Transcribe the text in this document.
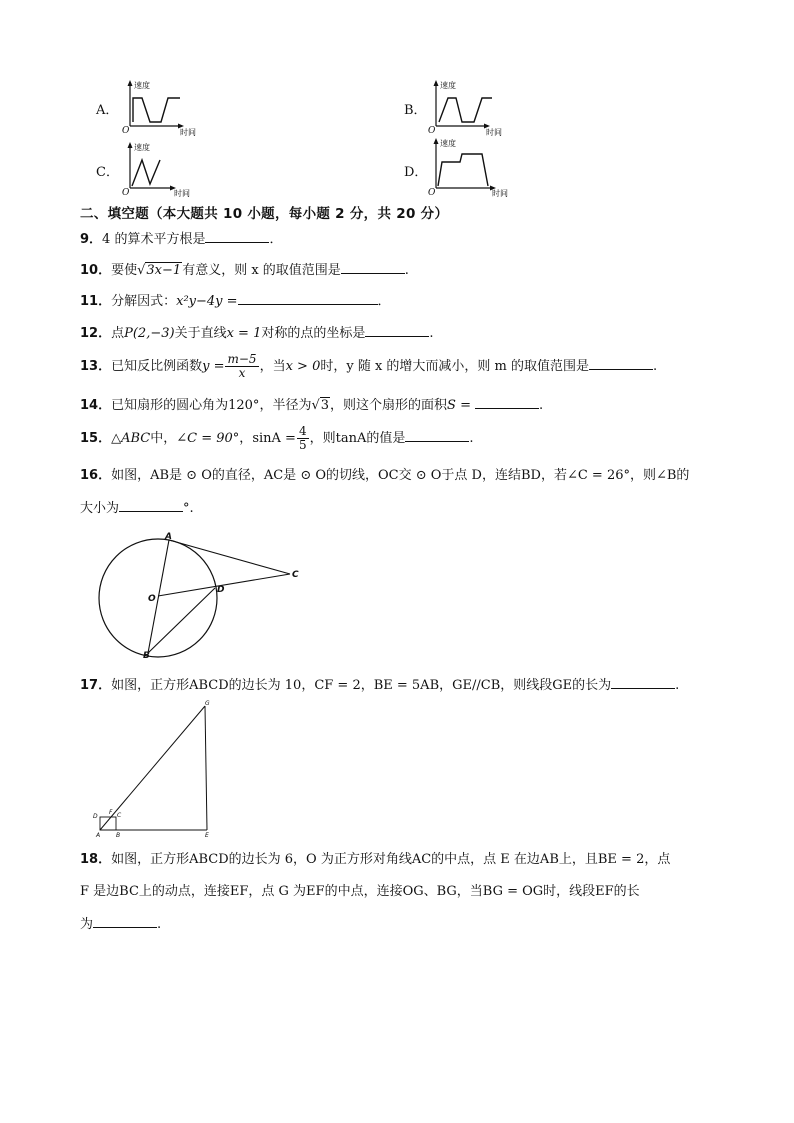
A．
速度
时间
O
B．
速度
时间
O
C．
速度
时间
O
D．
速度
时间
O
二、填空题（本大题共 10 小题，每小题 2 分，共 20 分）
9．4 的算术平方根是	．
10．要使√3x−1有意义，则 x 的取值范围是	.
11．分解因式：x²y−4y =	．
12．点P(2,−3)关于直线x = 1对称的点的坐标是	.
13．已知反比例函数$y = \frac{m-5}{x}$ ，当x > 0时，y 随 x 的增大而减小，则 m 的取值范围是	.
14．已知扇形的圆心角为120°，半径为√3，则这个扇形的面积S =	.
15．△ABC中，∠C = 90°，$\sin A = \frac{4}{5}$ ，则tanA的值是	.
16．如图，AB是 ⊙ O的直径，AC是 ⊙ O的切线，OC交 ⊙ O于点 D，连结BD，若∠C = 26°，则∠B的
大小为	°.
A
B
C
D
O
17．如图，正方形ABCD的边长为 10，CF = 2，BE = 5AB，GE//CB，则线段GE的长为	.
G
E
A	B
C
D
F
18．如图，正方形ABCD的边长为 6，O 为正方形对角线AC的中点，点 E 在边AB上，且BE = 2，点
F 是边BC上的动点，连接EF，点 G 为EF的中点，连接OG、BG，当BG = OG时，线段EF的长
为	.
